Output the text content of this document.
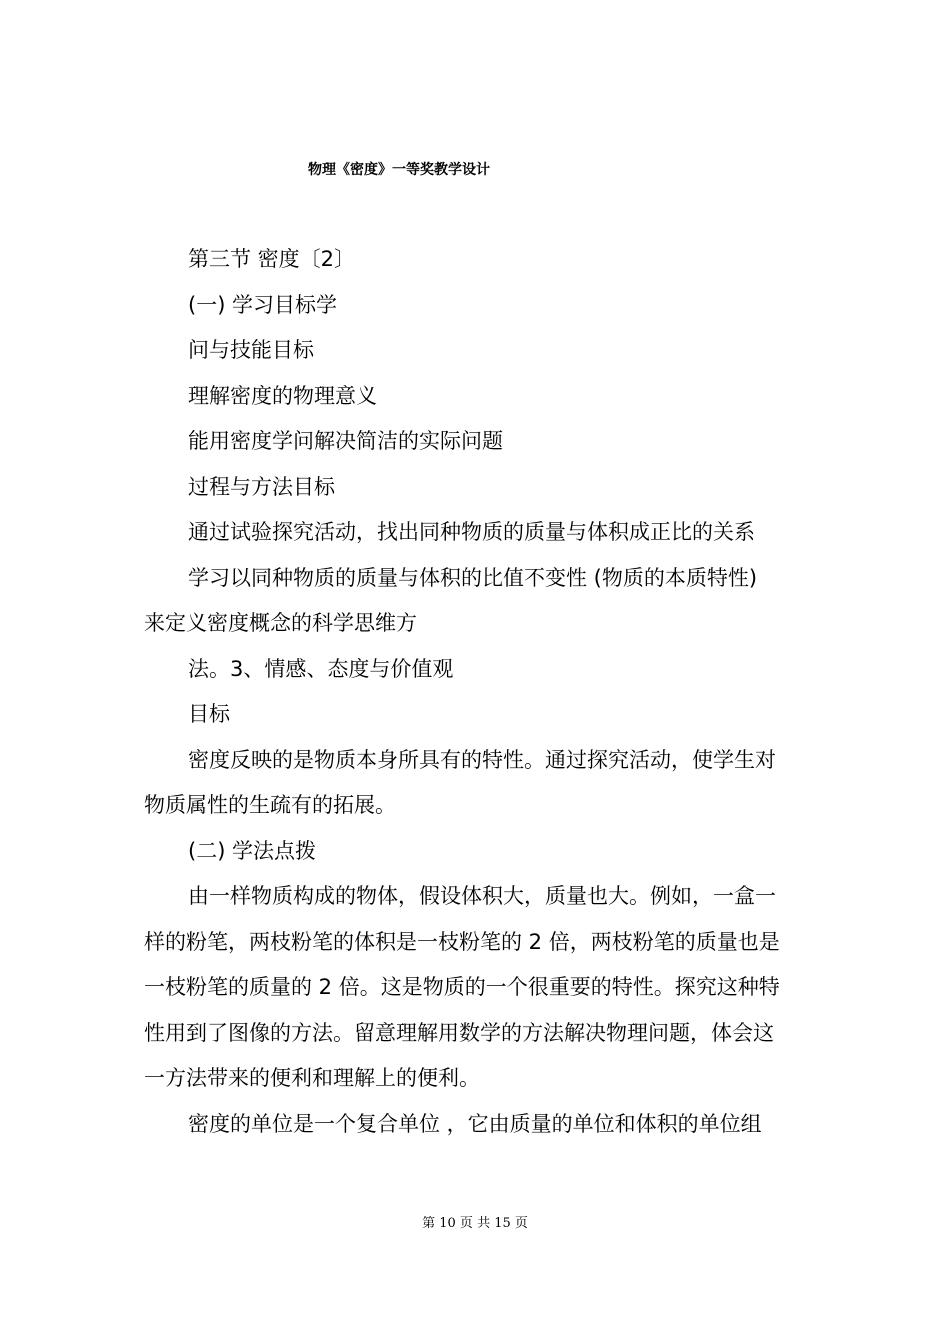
物理《密度》一等奖教学设计
第三节 密度〔2〕
(一) 学习目标学
问与技能目标
理解密度的物理意义
能用密度学问解决简洁的实际问题
过程与方法目标
通过试验探究活动，找出同种物质的质量与体积成正比的关系
学习以同种物质的质量与体积的比值不变性 (物质的本质特性)
来定义密度概念的科学思维方
法。3、情感、态度与价值观
目标
密度反映的是物质本身所具有的特性。通过探究活动，使学生对
物质属性的生疏有的拓展。
(二) 学法点拨
由一样物质构成的物体，假设体积大，质量也大。例如，一盒一
样的粉笔，两枝粉笔的体积是一枝粉笔的 2 倍，两枝粉笔的质量也是
一枝粉笔的质量的 2 倍。这是物质的一个很重要的特性。探究这种特
性用到了图像的方法。留意理解用数学的方法解决物理问题，体会这
一方法带来的便利和理解上的便利。
密度的单位是一个复合单位 ，它由质量的单位和体积的单位组
第 10 页 共 15 页
